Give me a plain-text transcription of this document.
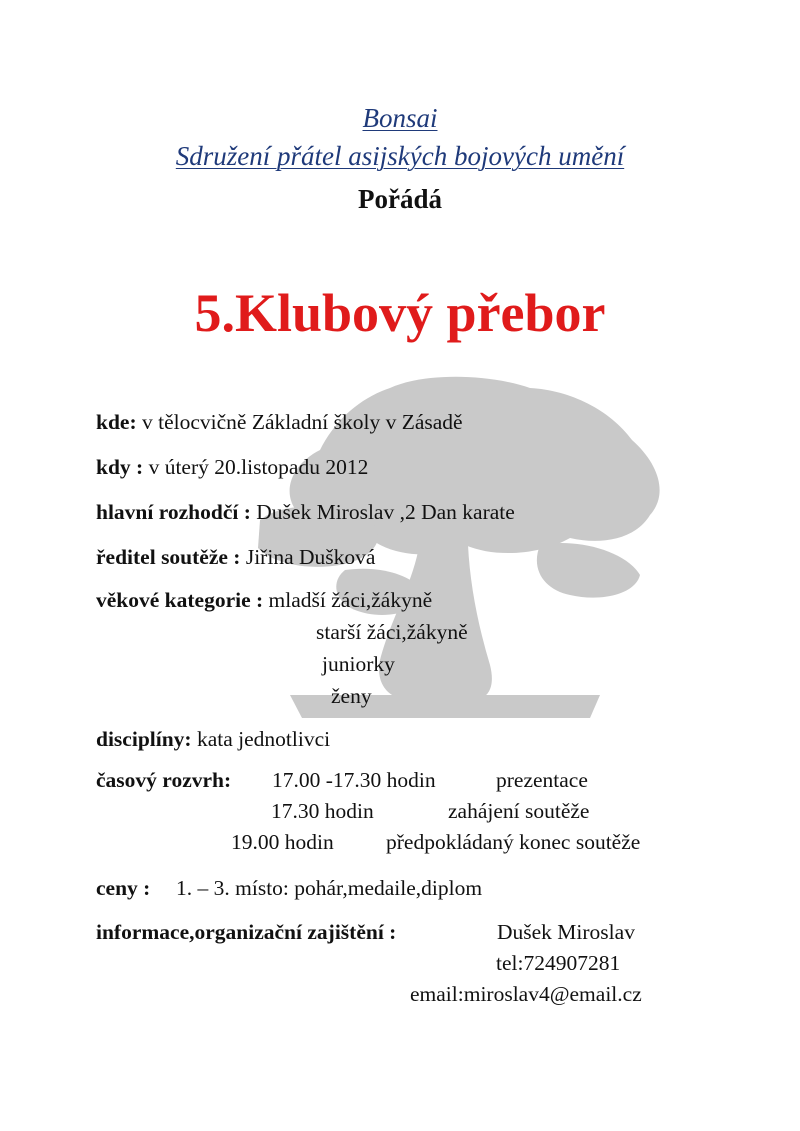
Bonsai
Sdružení přátel asijských bojových umění
Pořádá
5.Klubový přebor
kde: v tělocvičně Základní školy v Zásadě
kdy : v úterý 20.listopadu 2012
hlavní rozhodčí : Dušek Miroslav ,2 Dan karate
ředitel soutěže : Jiřina Dušková
věkové kategorie : mladší žáci,žákyně
starší žáci,žákyně
juniorky
ženy
disciplíny: kata jednotlivci
časový rozvrh: 17.00 -17.30 hodin	prezentace
17.30 hodin	zahájení soutěže
19.00 hodin předpokládaný konec soutěže
ceny : 1. – 3. místo: pohár,medaile,diplom
informace,organizační zajištění :	Dušek Miroslav
tel:724907281
email:miroslav4@email.cz
